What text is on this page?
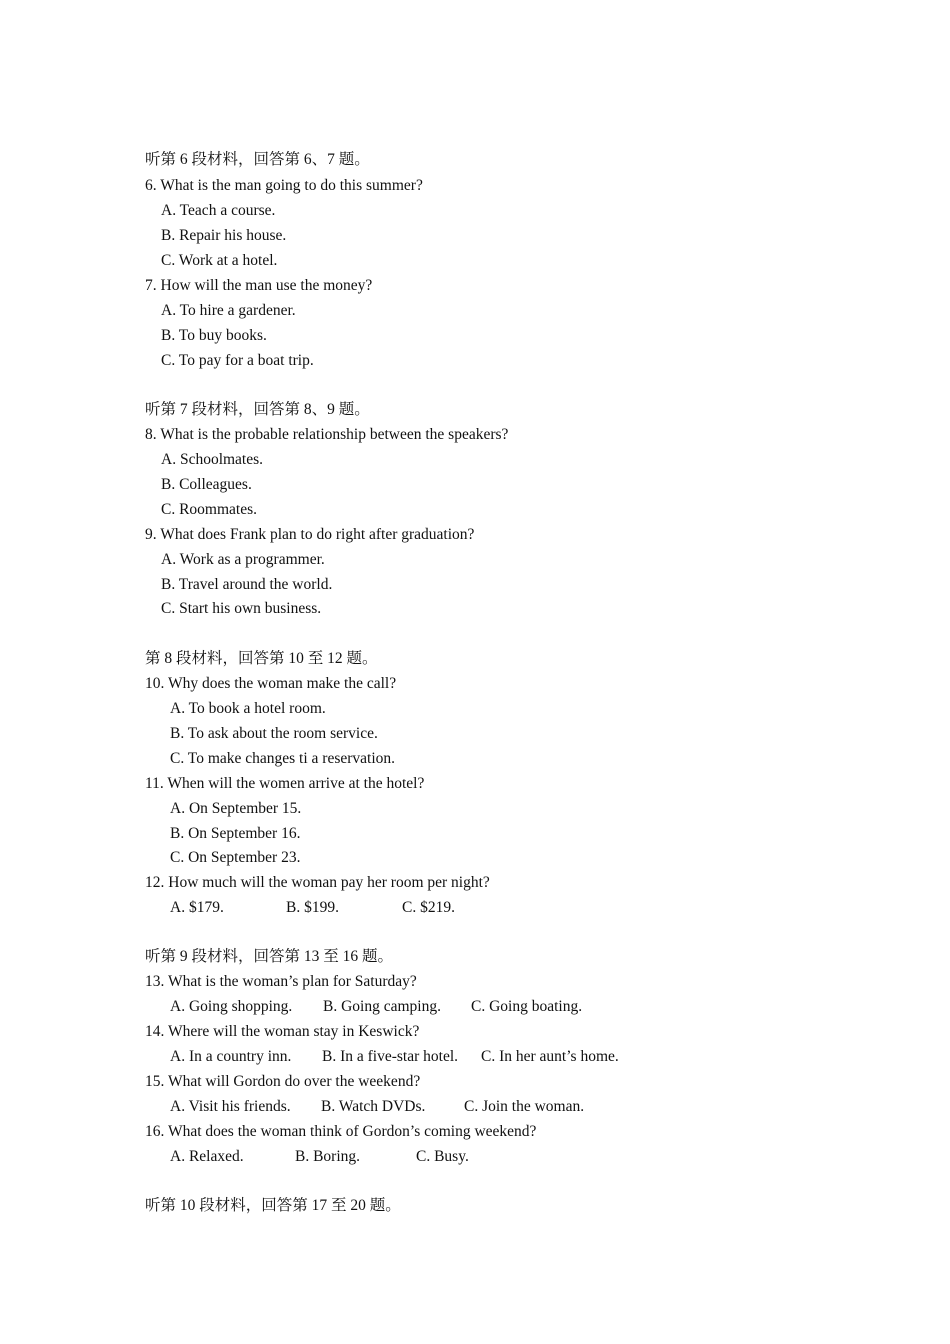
听第 6 段材料，回答第 6、7 题。
6. What is the man going to do this summer?
A. Teach a course.
B. Repair his house.
C. Work at a hotel.
7. How will the man use the money?
A. To hire a gardener.
B. To buy books.
C. To pay for a boat trip.
听第 7 段材料，回答第 8、9 题。
8. What is the probable relationship between the speakers?
A. Schoolmates.
B. Colleagues.
C. Roommates.
9. What does Frank plan to do right after graduation?
A. Work as a programmer.
B. Travel around the world.
C. Start his own business.
第 8 段材料，回答第 10 至 12 题。
10. Why does the woman make the call?
A. To book a hotel room.
B. To ask about the room service.
C. To make changes ti a reservation.
11. When will the women arrive at the hotel?
A. On September 15.
B. On September 16.
C. On September 23.
12. How much will the woman pay her room per night?
A. $179.	B. $199.	C. $219.
听第 9 段材料，回答第 13 至 16 题。
13. What is the woman’s plan for Saturday?
A. Going shopping. B. Going camping. C. Going boating.
14. Where will the woman stay in Keswick?
A. In a country inn. B. In a five-star hotel. C. In her aunt’s home.
15. What will Gordon do over the weekend?
A. Visit his friends. B. Watch DVDs. C. Join the woman.
16. What does the woman think of Gordon’s coming weekend?
A. Relaxed.	B. Boring.	C. Busy.
听第 10 段材料，回答第 17 至 20 题。
